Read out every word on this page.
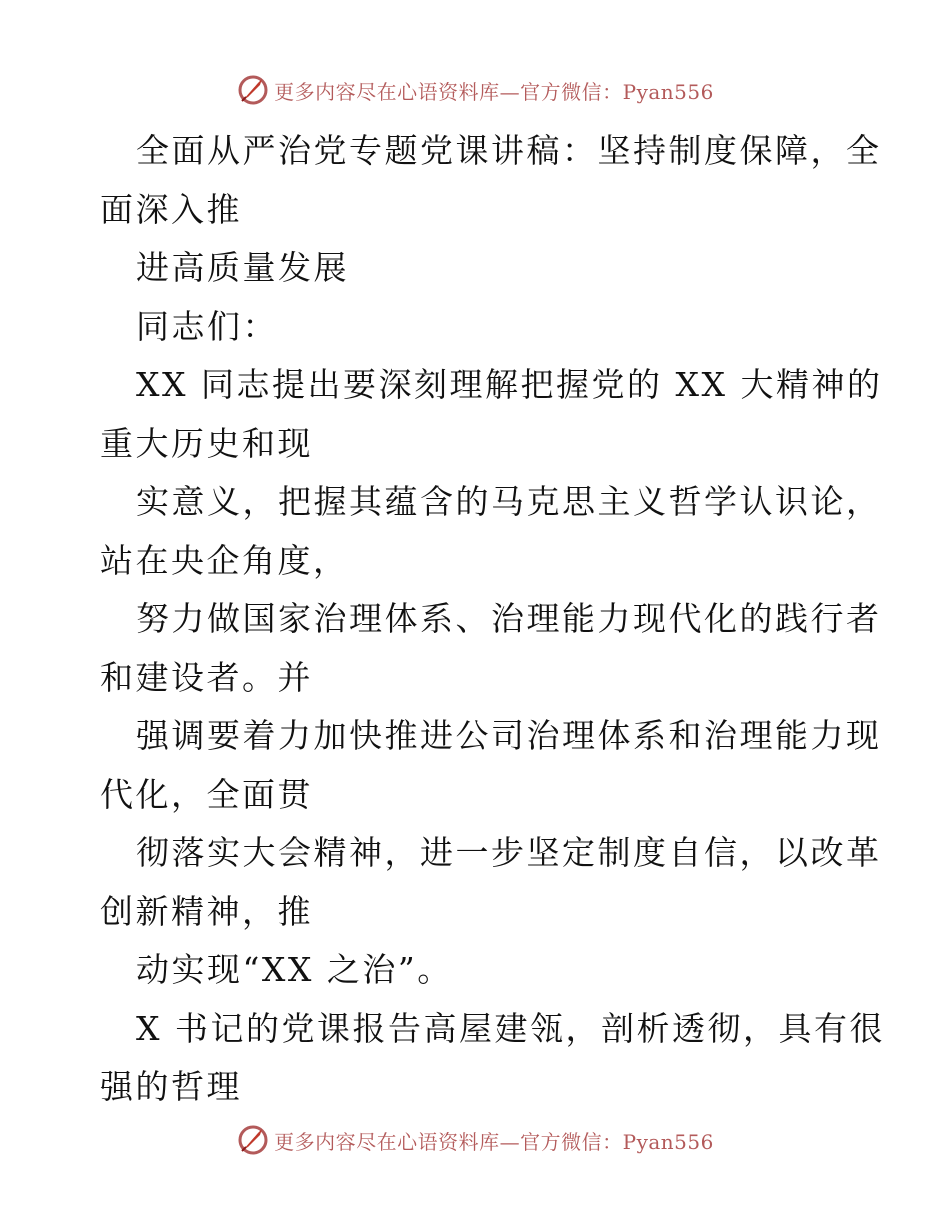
更多内容尽在心语资料库—官方微信：Pyan556
全面从严治党专题党课讲稿：坚持制度保障，全
面深入推
进高质量发展
同志们：
XX 同志提出要深刻理解把握党的 XX 大精神的
重大历史和现
实意义，把握其蕴含的马克思主义哲学认识论，
站在央企角度，
努力做国家治理体系、治理能力现代化的践行者
和建设者。并
强调要着力加快推进公司治理体系和治理能力现
代化，全面贯
彻落实大会精神，进一步坚定制度自信，以改革
创新精神，推
动实现“XX 之治”。
X 书记的党课报告高屋建瓴，剖析透彻，具有很
强的哲理
更多内容尽在心语资料库—官方微信：Pyan556
